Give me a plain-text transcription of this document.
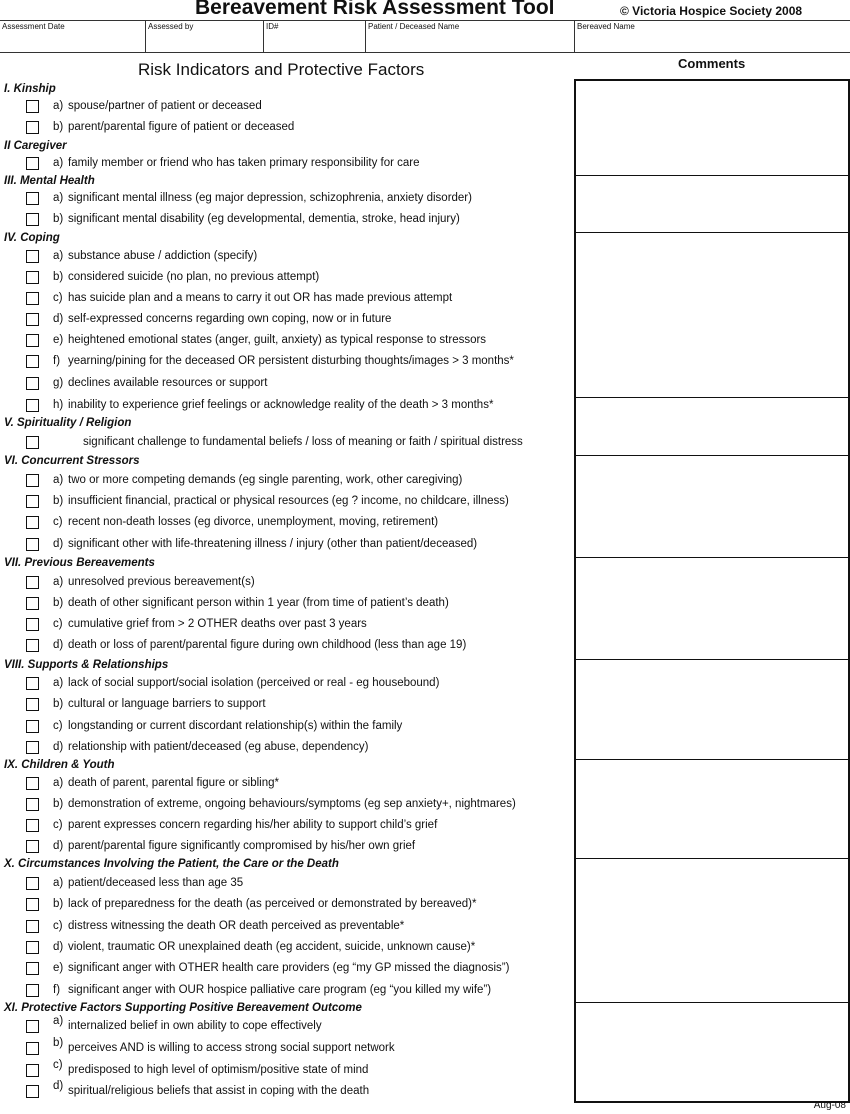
Bereavement Risk Assessment Tool	© Victoria Hospice Society 2008
Assessment Date	Assessed by	ID#	Patient / Deceased Name	Bereaved Name
Risk Indicators and Protective Factors	Comments
I. Kinship
a) spouse/partner of patient or deceased
b) parent/parental figure of patient or deceased
II Caregiver
a) family member or friend who has taken primary responsibility for care
III. Mental Health
a) significant mental illness (eg major depression, schizophrenia, anxiety disorder)
b) significant mental disability (eg developmental, dementia, stroke, head injury)
IV. Coping
a) substance abuse / addiction (specify)
b) considered suicide (no plan, no previous attempt)
c) has suicide plan and a means to carry it out OR has made previous attempt
d) self-expressed concerns regarding own coping, now or in future
e) heightened emotional states (anger, guilt, anxiety) as typical response to stressors
f) yearning/pining for the deceased OR persistent disturbing thoughts/images > 3 months*
g) declines available resources or support
h) inability to experience grief feelings or acknowledge reality of the death > 3 months*
V. Spirituality / Religion
significant challenge to fundamental beliefs / loss of meaning or faith / spiritual distress
VI. Concurrent Stressors
a) two or more competing demands (eg single parenting, work, other caregiving)
b) insufficient financial, practical or physical resources (eg ? income, no childcare, illness)
c) recent non-death losses (eg divorce, unemployment, moving, retirement)
d) significant other with life-threatening illness / injury (other than patient/deceased)
VII. Previous Bereavements
a) unresolved previous bereavement(s)
b) death of other significant person within 1 year (from time of patient’s death)
c) cumulative grief from > 2 OTHER deaths over past 3 years
d) death or loss of parent/parental figure during own childhood (less than age 19)
VIII. Supports & Relationships
a) lack of social support/social isolation (perceived or real - eg housebound)
b) cultural or language barriers to support
c) longstanding or current discordant relationship(s) within the family
d) relationship with patient/deceased (eg abuse, dependency)
IX. Children & Youth
a) death of parent, parental figure or sibling*
b) demonstration of extreme, ongoing behaviours/symptoms (eg sep anxiety+, nightmares)
c) parent expresses concern regarding his/her ability to support child’s grief
d) parent/parental figure significantly compromised by his/her own grief
X. Circumstances Involving the Patient, the Care or the Death
a) patient/deceased less than age 35
b) lack of preparedness for the death (as perceived or demonstrated by bereaved)*
c) distress witnessing the death OR death perceived as preventable*
d) violent, traumatic OR unexplained death (eg accident, suicide, unknown cause)*
e) significant anger with OTHER health care providers (eg “my GP missed the diagnosis”)
f) significant anger with OUR hospice palliative care program (eg “you killed my wife”)
XI. Protective Factors Supporting Positive Bereavement Outcome
a) internalized belief in own ability to cope effectively
b) perceives AND is willing to access strong social support network
c) predisposed to high level of optimism/positive state of mind
d) spiritual/religious beliefs that assist in coping with the death
Aug-08
